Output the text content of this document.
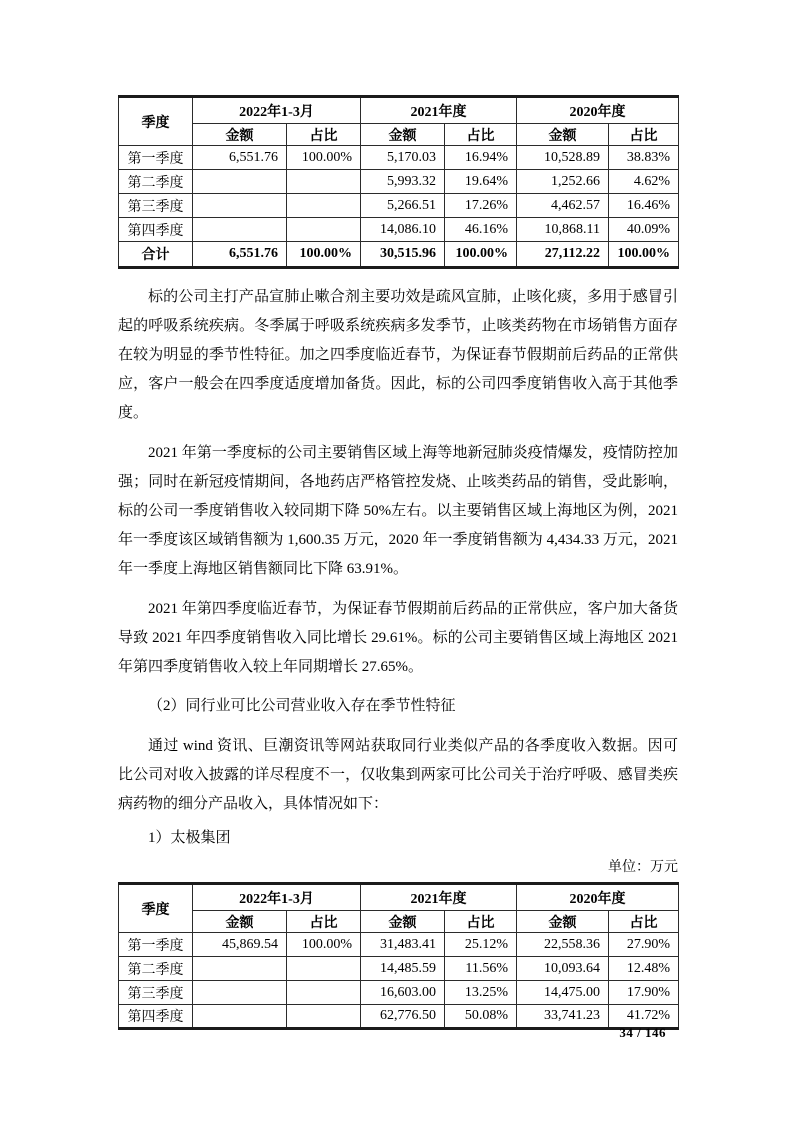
季度	2022年1-3月		2021年度		2020年度	
	金额	占比	金额	占比	金额	占比
第一季度	6,551.76	100.00%	5,170.03	16.94%	10,528.89	38.83%
第二季度			5,993.32	19.64%	1,252.66	4.62%
第三季度			5,266.51	17.26%	4,462.57	16.46%
第四季度			14,086.10	46.16%	10,868.11	40.09%
合计	6,551.76	100.00%	30,515.96	100.00%	27,112.22	100.00%

标的公司主打产品宣肺止嗽合剂主要功效是疏风宣肺，止咳化痰，多用于感冒引起的呼吸系统疾病。冬季属于呼吸系统疾病多发季节，止咳类药物在市场销售方面存在较为明显的季节性特征。加之四季度临近春节，为保证春节假期前后药品的正常供应，客户一般会在四季度适度增加备货。因此，标的公司四季度销售收入高于其他季度。

2021 年第一季度标的公司主要销售区域上海等地新冠肺炎疫情爆发，疫情防控加强；同时在新冠疫情期间，各地药店严格管控发烧、止咳类药品的销售，受此影响，标的公司一季度销售收入较同期下降 50%左右。以主要销售区域上海地区为例，2021 年一季度该区域销售额为 1,600.35 万元，2020 年一季度销售额为 4,434.33 万元，2021 年一季度上海地区销售额同比下降 63.91%。

2021 年第四季度临近春节，为保证春节假期前后药品的正常供应，客户加大备货导致 2021 年四季度销售收入同比增长 29.61%。标的公司主要销售区域上海地区 2021 年第四季度销售收入较上年同期增长 27.65%。

（2）同行业可比公司营业收入存在季节性特征

通过 wind 资讯、巨潮资讯等网站获取同行业类似产品的各季度收入数据。因可比公司对收入披露的详尽程度不一，仅收集到两家可比公司关于治疗呼吸、感冒类疾病药物的细分产品收入，具体情况如下：

1）太极集团

单位：万元
季度	2022年1-3月		2021年度		2020年度	
	金额	占比	金额	占比	金额	占比
第一季度	45,869.54	100.00%	31,483.41	25.12%	22,558.36	27.90%
第二季度			14,485.59	11.56%	10,093.64	12.48%
第三季度			16,603.00	13.25%	14,475.00	17.90%
第四季度			62,776.50	50.08%	33,741.23	41.72%
34 / 146
